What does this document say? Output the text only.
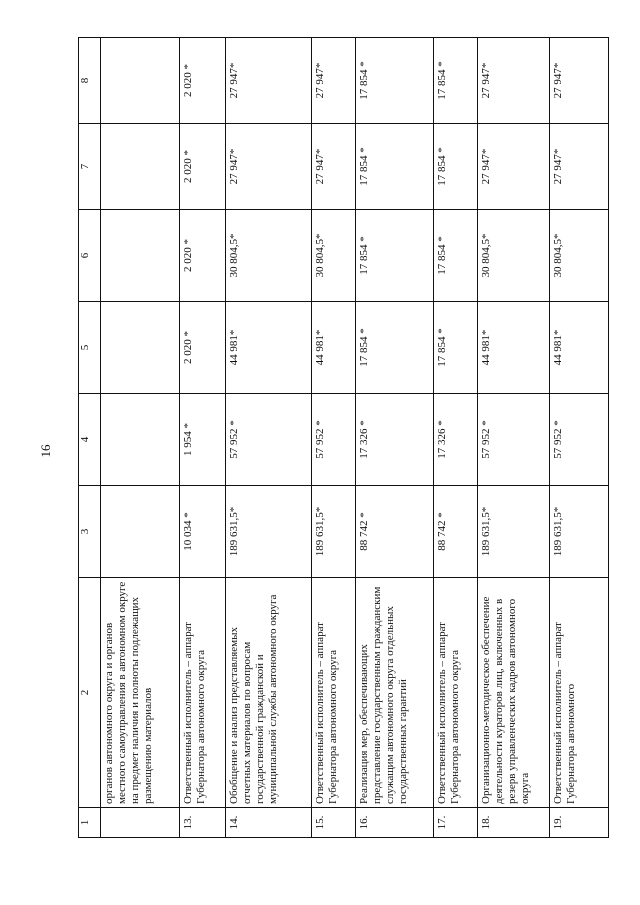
16
1	2	3	4	5	6	7	8
	органов автономного округа и органов местного самоуправления в автономном округе на предмет наличия и полноты подлежащих размещению материалов						
13.	Ответственный исполнитель – аппарат Губернатора автономного округа	10 034 *	1 954 *	2 020 *	2 020 *	2 020 *	2 020 *
14.	Обобщение и анализ представляемых отчетных материалов по вопросам государственной гражданской и муниципальной службы автономного округа	189 631,5*	57 952 *	44 981*	30 804,5*	27 947*	27 947*
15.	Ответственный исполнитель – аппарат Губернатора автономного округа	189 631,5*	57 952 *	44 981*	30 804,5*	27 947*	27 947*
16.	Реализация мер, обеспечивающих представление государственным гражданским служащим автономного округа отдельных государственных гарантий	88 742 *	17 326 *	17 854 *	17 854 *	17 854 *	17 854 *
17.	Ответственный исполнитель – аппарат Губернатора автономного округа	88 742 *	17 326 *	17 854 *	17 854 *	17 854 *	17 854 *
18.	Организационно-методическое обеспечение деятельности кураторов лиц, включенных в резерв управленческих кадров автономного округа	189 631,5*	57 952 *	44 981*	30 804,5*	27 947*	27 947*
19.	Ответственный исполнитель – аппарат Губернатора автономного	189 631,5*	57 952 *	44 981*	30 804,5*	27 947*	27 947*
